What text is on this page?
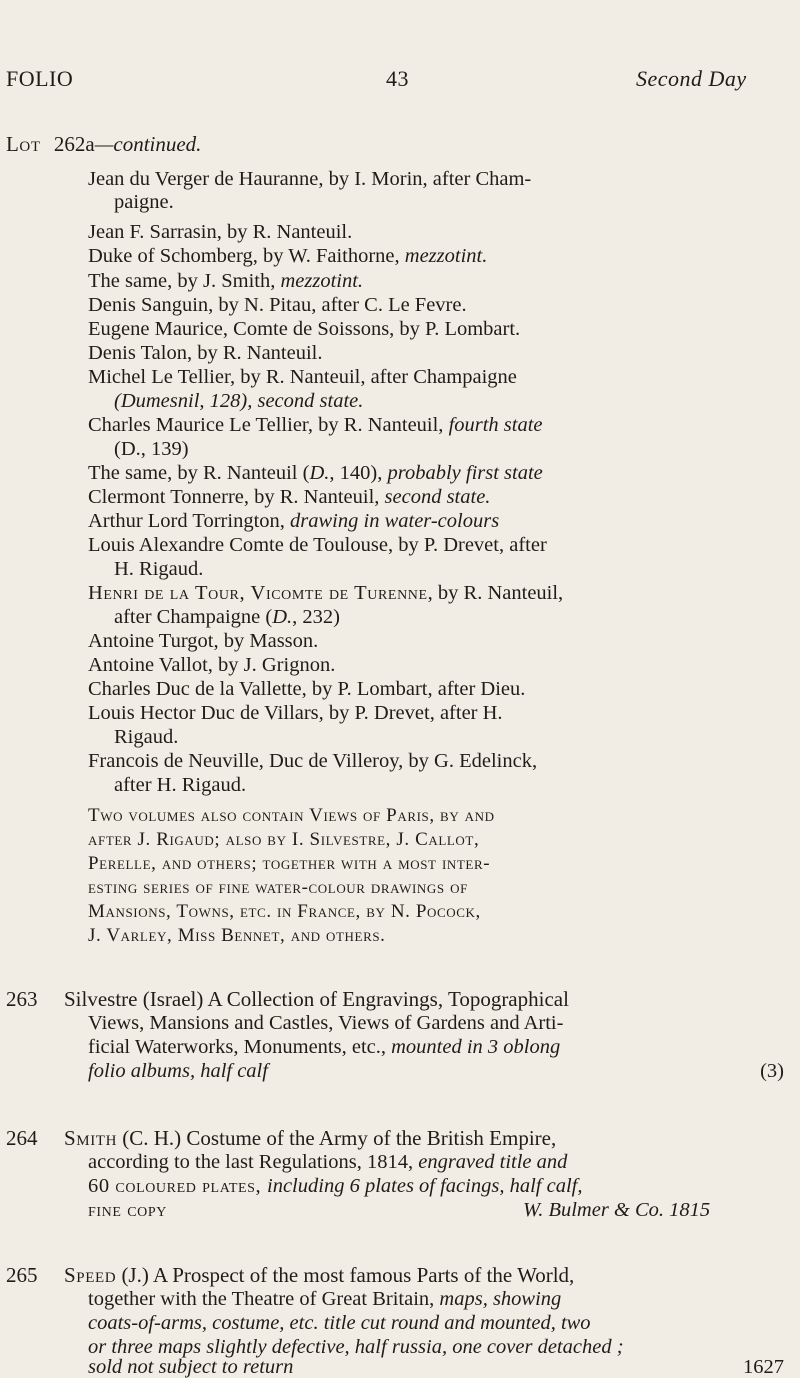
FOLIO	43	Second Day
Lot 262a—continued.
Jean du Verger de Hauranne, by I. Morin, after Cham-
paigne.
Jean F. Sarrasin, by R. Nanteuil.
Duke of Schomberg, by W. Faithorne, mezzotint.
The same, by J. Smith, mezzotint.
Denis Sanguin, by N. Pitau, after C. Le Fevre.
Eugene Maurice, Comte de Soissons, by P. Lombart.
Denis Talon, by R. Nanteuil.
Michel Le Tellier, by R. Nanteuil, after Champaigne
(Dumesnil, 128), second state.
Charles Maurice Le Tellier, by R. Nanteuil, fourth state
(D., 139)
The same, by R. Nanteuil (D., 140), probably first state
Clermont Tonnerre, by R. Nanteuil, second state.
Arthur Lord Torrington, drawing in water-colours
Louis Alexandre Comte de Toulouse, by P. Drevet, after
H. Rigaud.
Henri de la Tour, Vicomte de Turenne, by R. Nanteuil,
after Champaigne (D., 232)
Antoine Turgot, by Masson.
Antoine Vallot, by J. Grignon.
Charles Duc de la Vallette, by P. Lombart, after Dieu.
Louis Hector Duc de Villars, by P. Drevet, after H.
Rigaud.
Francois de Neuville, Duc de Villeroy, by G. Edelinck,
after H. Rigaud.
Two volumes also contain Views of Paris, by and
after J. Rigaud; also by I. Silvestre, J. Callot,
Perelle, and others; together with a most inter-
esting series of fine water-colour drawings of
Mansions, Towns, etc. in France, by N. Pocock,
J. Varley, Miss Bennet, and others.
263 Silvestre (Israel) A Collection of Engravings, Topographical
Views, Mansions and Castles, Views of Gardens and Arti-
ficial Waterworks, Monuments, etc., mounted in 3 oblong
folio albums, half calf	(3)
264 Smith (C. H.) Costume of the Army of the British Empire,
according to the last Regulations, 1814, engraved title and
60 coloured plates, including 6 plates of facings, half calf,
fine copy	W. Bulmer & Co. 1815
265 Speed (J.) A Prospect of the most famous Parts of the World,
together with the Theatre of Great Britain, maps, showing
coats-of-arms, costume, etc. title cut round and mounted, two
or three maps slightly defective, half russia, one cover detached ;
sold not subject to return	1627
